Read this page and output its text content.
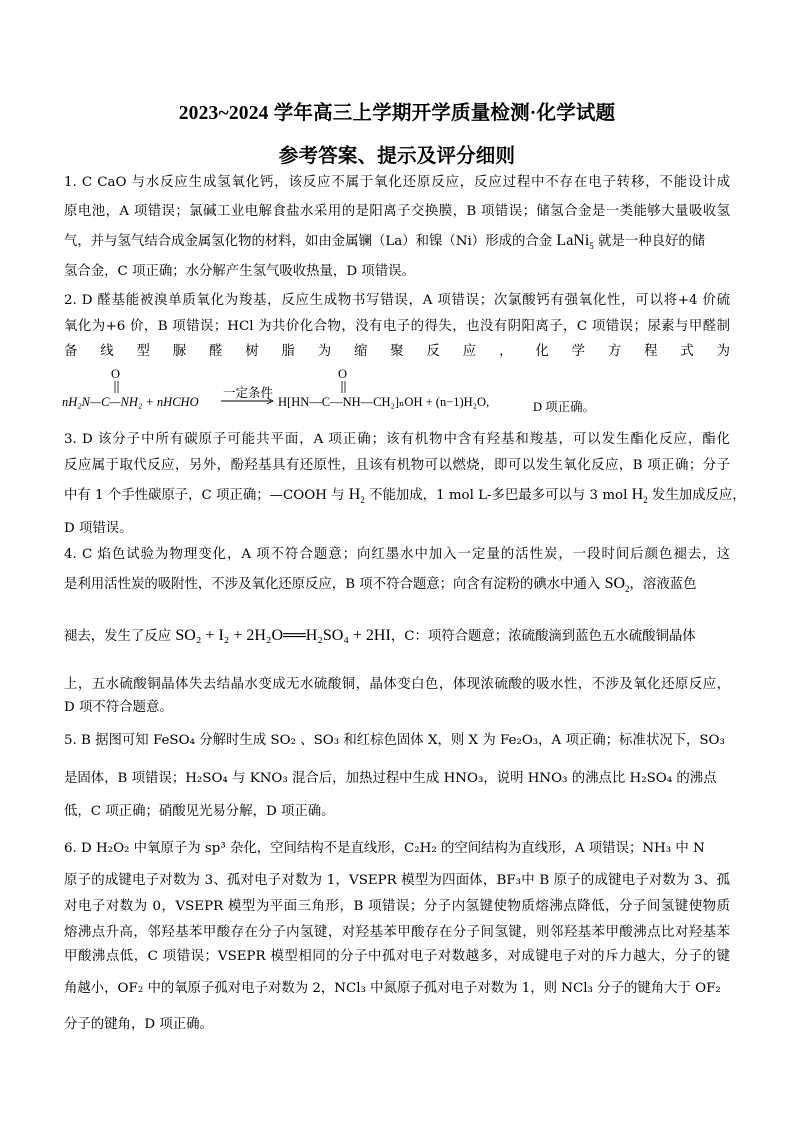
2023~2024 学年高三上学期开学质量检测·化学试题
参考答案、提示及评分细则
1. C CaO 与水反应生成氢氧化钙，该反应不属于氧化还原反应，反应过程中不存在电子转移，不能设计成
原电池，A 项错误；氯碱工业电解食盐水采用的是阳离子交换膜，B 项错误；储氢合金是一类能够大量吸收氢
气，并与氢气结合成金属氢化物的材料，如由金属镧（La）和镍（Ni）形成的合金 LaNi$_5$ 就是一种良好的储
氢合金，C 项正确；水分解产生氢气吸收热量，D 项错误。
2. D 醛基能被溴单质氧化为羧基，反应生成物书写错误，A 项错误；次氯酸钙有强氧化性，可以将+4 价硫
氧化为+6 价，B 项错误；HCl 为共价化合物，没有电子的得失，也没有阴阳离子，C 项错误；尿素与甲醛制
备 线 型 脲 醛 树 脂 为 缩 聚 反 应 ， 化 学 方 程 式 为
O
nH₂N—C—NH₂ + nHCHO
一定条件
O
H[HN—C—NH—CH₂]ₙOH + (n−1)H₂O,	D 项正确。
3. D 该分子中所有碳原子可能共平面，A 项正确；该有机物中含有羟基和羧基，可以发生酯化反应，酯化
反应属于取代反应，另外，酚羟基具有还原性，且该有机物可以燃烧，即可以发生氧化反应，B 项正确；分子
中有 1 个手性碳原子，C 项正确；—COOH 与 $H_2$ 不能加成，1 mol L-多巴最多可以与 3 mol $H_2$ 发生加成反应，
D 项错误。
4. C 焰色试验为物理变化，A 项不符合题意；向红墨水中加入一定量的活性炭，一段时间后颜色褪去，这
是利用活性炭的吸附性，不涉及氧化还原反应，B 项不符合题意；向含有淀粉的碘水中通入 $SO_2$，溶液蓝色
褪去，发生了反应 SO₂ + I₂ + 2H₂O══H₂SO₄ + 2HI，C：项符合题意；浓硫酸滴到蓝色五水硫酸铜晶体
上，五水硫酸铜晶体失去结晶水变成无水硫酸铜，晶体变白色，体现浓硫酸的吸水性，不涉及氧化还原反应，
D 项不符合题意。
5. B 据图可知 FeSO₄ 分解时生成 SO₂ 、SO₃ 和红棕色固体 X，则 X 为 Fe₂O₃，A 项正确；标准状况下，SO₃
是固体，B 项错误；H₂SO₄ 与 KNO₃ 混合后，加热过程中生成 HNO₃，说明 HNO₃ 的沸点比 H₂SO₄ 的沸点
低，C 项正确；硝酸见光易分解，D 项正确。
6. D H₂O₂ 中氧原子为 sp³ 杂化，空间结构不是直线形，C₂H₂ 的空间结构为直线形，A 项错误；NH₃ 中 N
原子的成键电子对数为 3、孤对电子对数为 1，VSEPR 模型为四面体，BF₃中 B 原子的成键电子对数为 3、孤
对电子对数为 0，VSEPR 模型为平面三角形，B 项错误；分子内氢键使物质熔沸点降低，分子间氢键使物质
熔沸点升高，邻羟基苯甲酸存在分子内氢键，对羟基苯甲酸存在分子间氢键，则邻羟基苯甲酸沸点比对羟基苯
甲酸沸点低，C 项错误；VSEPR 模型相同的分子中孤对电子对数越多，对成键电子对的斥力越大，分子的键
角越小，OF₂ 中的氧原子孤对电子对数为 2，NCl₃ 中氮原子孤对电子对数为 1，则 NCl₃ 分子的键角大于 OF₂
分子的键角，D 项正确。
